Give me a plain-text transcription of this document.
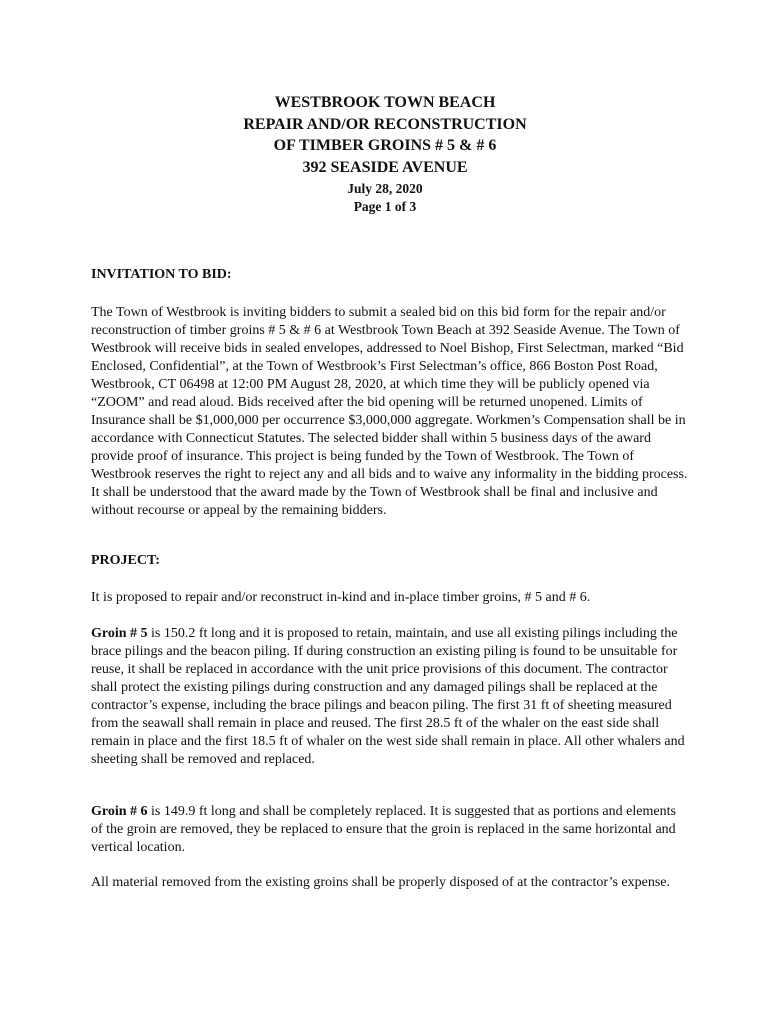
WESTBROOK TOWN BEACH
REPAIR AND/OR RECONSTRUCTION
OF TIMBER GROINS # 5 & # 6
392 SEASIDE AVENUE
July 28, 2020
Page 1 of 3

INVITATION TO BID:

The Town of Westbrook is inviting bidders to submit a sealed bid on this bid form for the repair and/or reconstruction of timber groins # 5 & # 6 at Westbrook Town Beach at 392 Seaside Avenue. The Town of Westbrook will receive bids in sealed envelopes, addressed to Noel Bishop, First Selectman, marked “Bid Enclosed, Confidential”, at the Town of Westbrook’s First Selectman’s office, 866 Boston Post Road, Westbrook, CT 06498 at 12:00 PM August 28, 2020, at which time they will be publicly opened via “ZOOM” and read aloud. Bids received after the bid opening will be returned unopened. Limits of Insurance shall be $1,000,000 per occurrence $3,000,000 aggregate. Workmen’s Compensation shall be in accordance with Connecticut Statutes. The selected bidder shall within 5 business days of the award provide proof of insurance. This project is being funded by the Town of Westbrook. The Town of Westbrook reserves the right to reject any and all bids and to waive any informality in the bidding process. It shall be understood that the award made by the Town of Westbrook shall be final and inclusive and without recourse or appeal by the remaining bidders.

PROJECT:

It is proposed to repair and/or reconstruct in-kind and in-place timber groins, # 5 and # 6.

Groin # 5 is 150.2 ft long and it is proposed to retain, maintain, and use all existing pilings including the brace pilings and the beacon piling. If during construction an existing piling is found to be unsuitable for reuse, it shall be replaced in accordance with the unit price provisions of this document. The contractor shall protect the existing pilings during construction and any damaged pilings shall be replaced at the contractor’s expense, including the brace pilings and beacon piling. The first 31 ft of sheeting measured from the seawall shall remain in place and reused. The first 28.5 ft of the whaler on the east side shall remain in place and the first 18.5 ft of whaler on the west side shall remain in place. All other whalers and sheeting shall be removed and replaced.

Groin # 6 is 149.9 ft long and shall be completely replaced. It is suggested that as portions and elements of the groin are removed, they be replaced to ensure that the groin is replaced in the same horizontal and vertical location.

All material removed from the existing groins shall be properly disposed of at the contractor’s expense.
